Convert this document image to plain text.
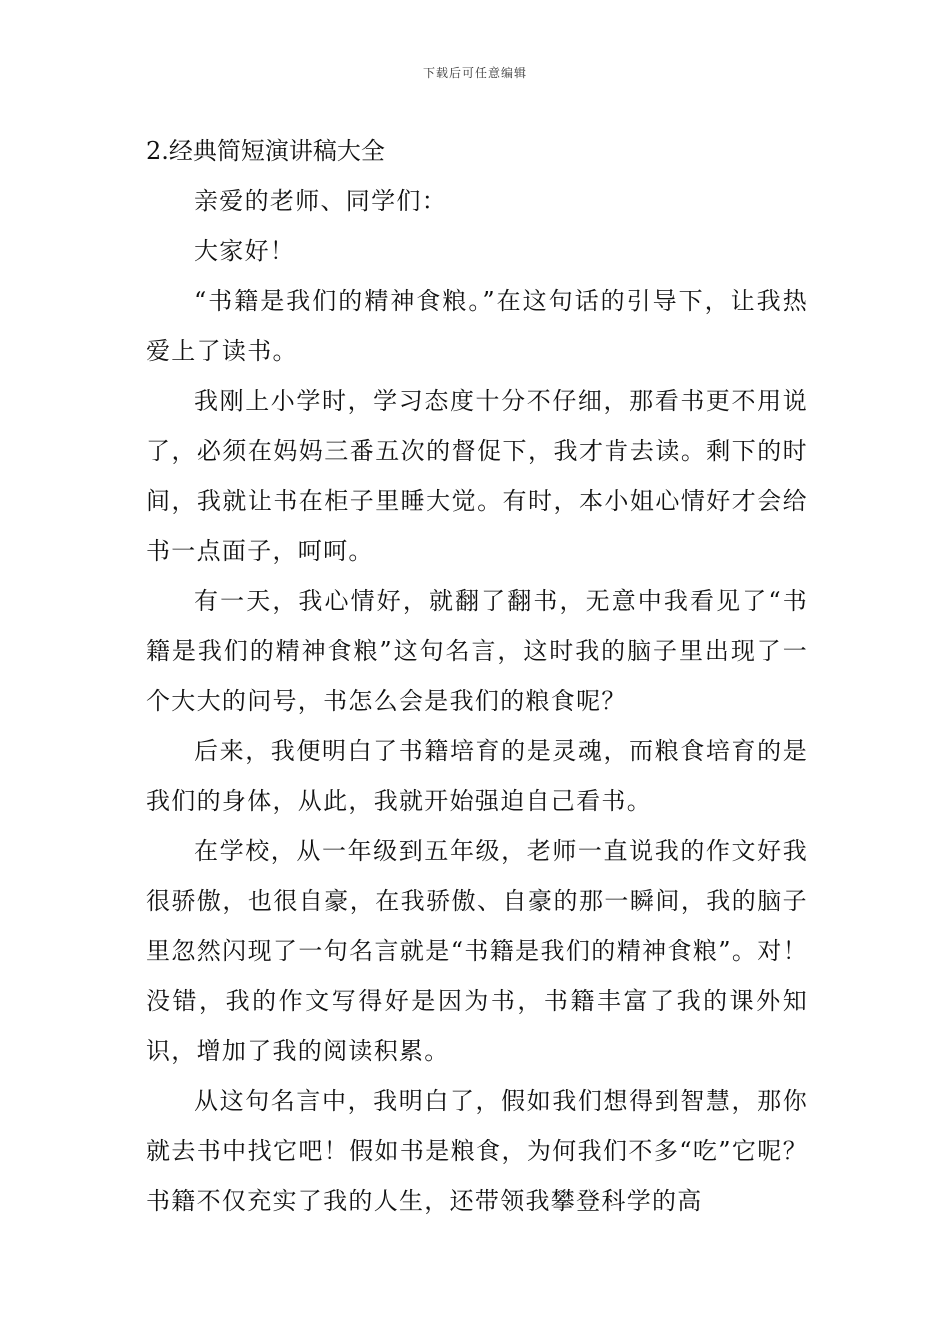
下载后可任意编辑
2.经典简短演讲稿大全

亲爱的老师、同学们：

大家好！

“书籍是我们的精神食粮。”在这句话的引导下，让我热爱上了读书。

我刚上小学时，学习态度十分不仔细，那看书更不用说了，必须在妈妈三番五次的督促下，我才肯去读。剩下的时间，我就让书在柜子里睡大觉。有时，本小姐心情好才会给书一点面子，呵呵。

有一天，我心情好，就翻了翻书，无意中我看见了“书籍是我们的精神食粮”这句名言，这时我的脑子里出现了一个大大的问号，书怎么会是我们的粮食呢？

后来，我便明白了书籍培育的是灵魂，而粮食培育的是我们的身体，从此，我就开始强迫自己看书。

在学校，从一年级到五年级，老师一直说我的作文好我很骄傲，也很自豪，在我骄傲、自豪的那一瞬间，我的脑子里忽然闪现了一句名言就是“书籍是我们的精神食粮”。对！没错，我的作文写得好是因为书，书籍丰富了我的课外知识，增加了我的阅读积累。

从这句名言中，我明白了，假如我们想得到智慧，那你就去书中找它吧！假如书是粮食，为何我们不多“吃”它呢？书籍不仅充实了我的人生，还带领我攀登科学的高
